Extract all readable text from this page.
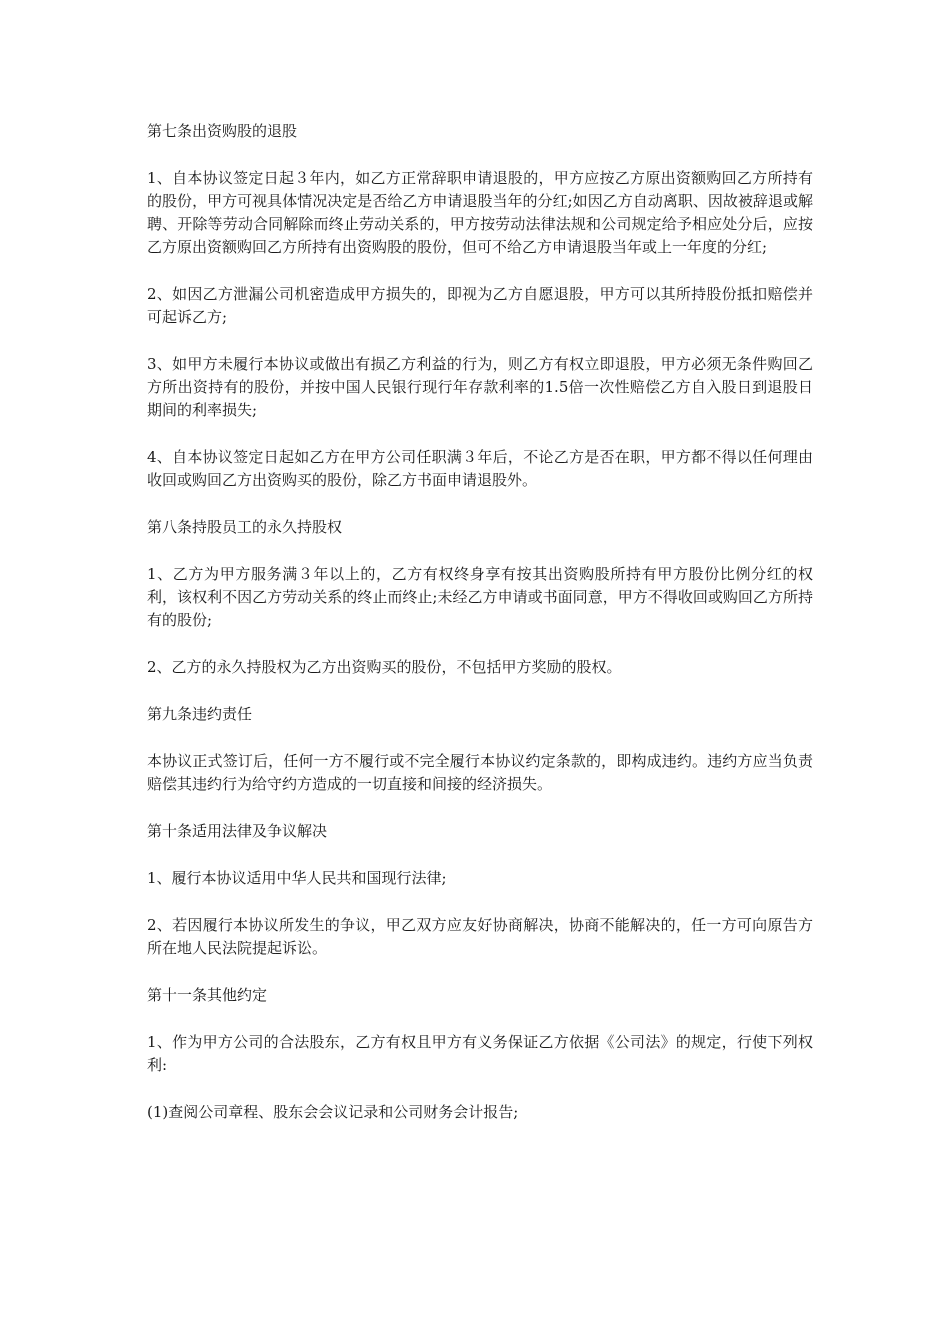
第七条出资购股的退股
1、自本协议签定日起３年内，如乙方正常辞职申请退股的，甲方应按乙方原出资额购回乙方所持有的股份，甲方可视具体情况决定是否给乙方申请退股当年的分红;如因乙方自动离职、因故被辞退或解聘、开除等劳动合同解除而终止劳动关系的，甲方按劳动法律法规和公司规定给予相应处分后，应按乙方原出资额购回乙方所持有出资购股的股份，但可不给乙方申请退股当年或上一年度的分红;
2、如因乙方泄漏公司机密造成甲方损失的，即视为乙方自愿退股，甲方可以其所持股份抵扣赔偿并可起诉乙方;
3、如甲方未履行本协议或做出有损乙方利益的行为，则乙方有权立即退股，甲方必须无条件购回乙方所出资持有的股份，并按中国人民银行现行年存款利率的1.5倍一次性赔偿乙方自入股日到退股日期间的利率损失;
4、自本协议签定日起如乙方在甲方公司任职满３年后，不论乙方是否在职，甲方都不得以任何理由收回或购回乙方出资购买的股份，除乙方书面申请退股外。
第八条持股员工的永久持股权
1、乙方为甲方服务满３年以上的，乙方有权终身享有按其出资购股所持有甲方股份比例分红的权利，该权利不因乙方劳动关系的终止而终止;未经乙方申请或书面同意，甲方不得收回或购回乙方所持有的股份;
2、乙方的永久持股权为乙方出资购买的股份，不包括甲方奖励的股权。
第九条违约责任
本协议正式签订后，任何一方不履行或不完全履行本协议约定条款的，即构成违约。违约方应当负责赔偿其违约行为给守约方造成的一切直接和间接的经济损失。
第十条适用法律及争议解决
1、履行本协议适用中华人民共和国现行法律;
2、若因履行本协议所发生的争议，甲乙双方应友好协商解决，协商不能解决的，任一方可向原告方所在地人民法院提起诉讼。
第十一条其他约定
1、作为甲方公司的合法股东，乙方有权且甲方有义务保证乙方依据《公司法》的规定，行使下列权利:
(1)查阅公司章程、股东会会议记录和公司财务会计报告;
